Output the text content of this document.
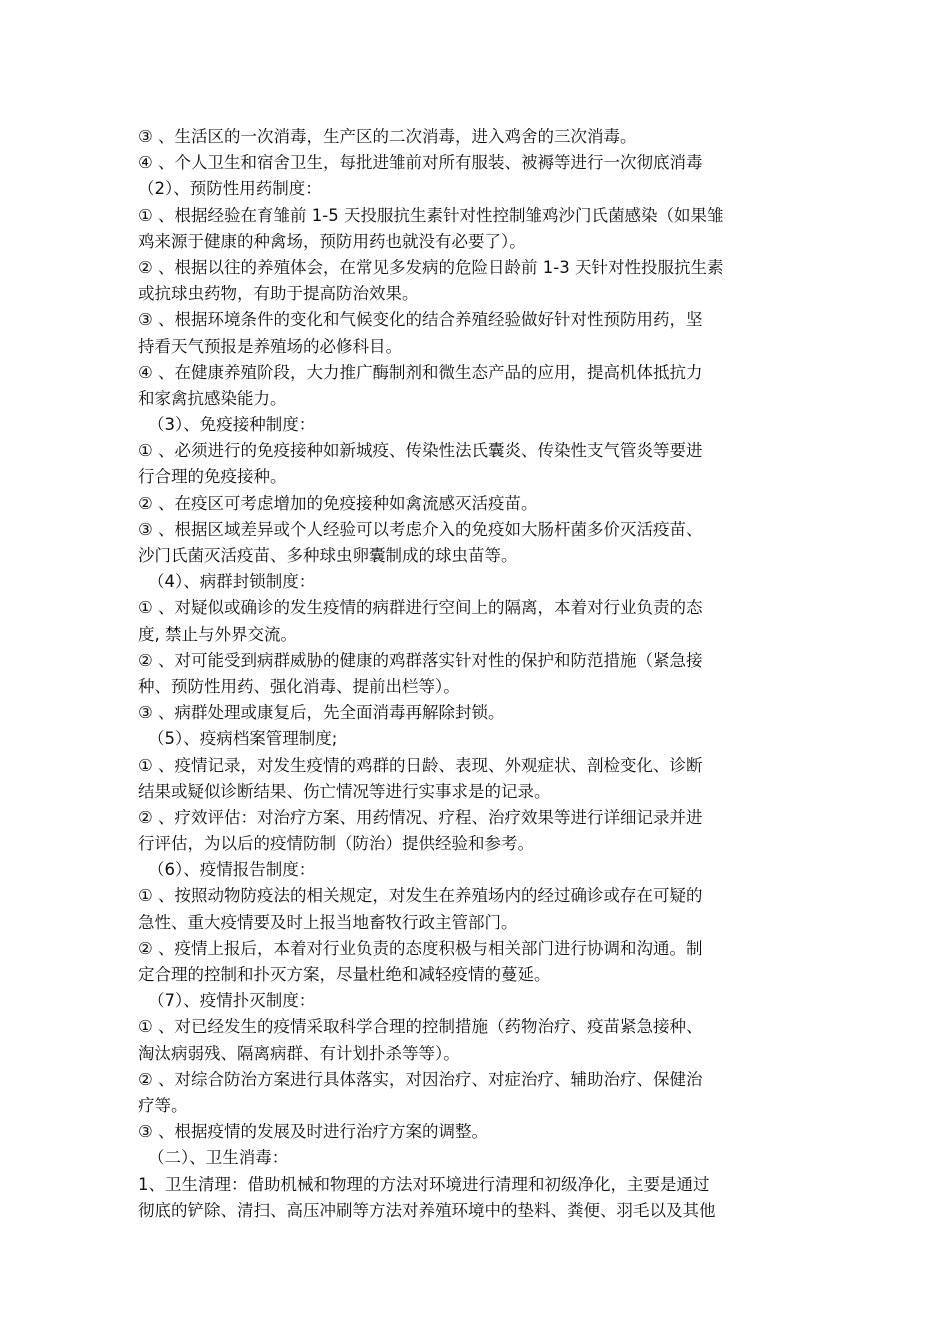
③ 、生活区的一次消毒，生产区的二次消毒，进入鸡舍的三次消毒。
④ 、个人卫生和宿舍卫生，每批进雏前对所有服装、被褥等进行一次彻底消毒
（2）、预防性用药制度：
① 、根据经验在育雏前 1-5 天投服抗生素针对性控制雏鸡沙门氏菌感染（如果雏
鸡来源于健康的种禽场，预防用药也就没有必要了）。
② 、根据以往的养殖体会，在常见多发病的危险日龄前 1-3 天针对性投服抗生素
或抗球虫药物，有助于提高防治效果。
③ 、根据环境条件的变化和气候变化的结合养殖经验做好针对性预防用药，坚
持看天气预报是养殖场的必修科目。
④ 、在健康养殖阶段，大力推广酶制剂和微生态产品的应用，提高机体抵抗力
和家禽抗感染能力。
（3）、免疫接种制度：
① 、必须进行的免疫接种如新城疫、传染性法氏囊炎、传染性支气管炎等要进
行合理的免疫接种。
② 、在疫区可考虑增加的免疫接种如禽流感灭活疫苗。
③ 、根据区域差异或个人经验可以考虑介入的免疫如大肠杆菌多价灭活疫苗、
沙门氏菌灭活疫苗、多种球虫卵囊制成的球虫苗等。
（4）、病群封锁制度：
① 、对疑似或确诊的发生疫情的病群进行空间上的隔离，本着对行业负责的态
度, 禁止与外界交流。
② 、对可能受到病群威胁的健康的鸡群落实针对性的保护和防范措施（紧急接
种、预防性用药、强化消毒、提前出栏等）。
③ 、病群处理或康复后，先全面消毒再解除封锁。
（5）、疫病档案管理制度;
① 、疫情记录，对发生疫情的鸡群的日龄、表现、外观症状、剖检变化、诊断
结果或疑似诊断结果、伤亡情况等进行实事求是的记录。
② 、疗效评估：对治疗方案、用药情况、疗程、治疗效果等进行详细记录并进
行评估，为以后的疫情防制（防治）提供经验和参考。
（6）、疫情报告制度：
① 、按照动物防疫法的相关规定，对发生在养殖场内的经过确诊或存在可疑的
急性、重大疫情要及时上报当地畜牧行政主管部门。
② 、疫情上报后，本着对行业负责的态度积极与相关部门进行协调和沟通。制
定合理的控制和扑灭方案，尽量杜绝和减轻疫情的蔓延。
（7）、疫情扑灭制度：
① 、对已经发生的疫情采取科学合理的控制措施（药物治疗、疫苗紧急接种、
淘汰病弱残、隔离病群、有计划扑杀等等）。
② 、对综合防治方案进行具体落实，对因治疗、对症治疗、辅助治疗、保健治
疗等。
③ 、根据疫情的发展及时进行治疗方案的调整。
（二）、卫生消毒：
1、卫生清理：借助机械和物理的方法对环境进行清理和初级净化，主要是通过
彻底的铲除、清扫、高压冲刷等方法对养殖环境中的垫料、粪便、羽毛以及其他
